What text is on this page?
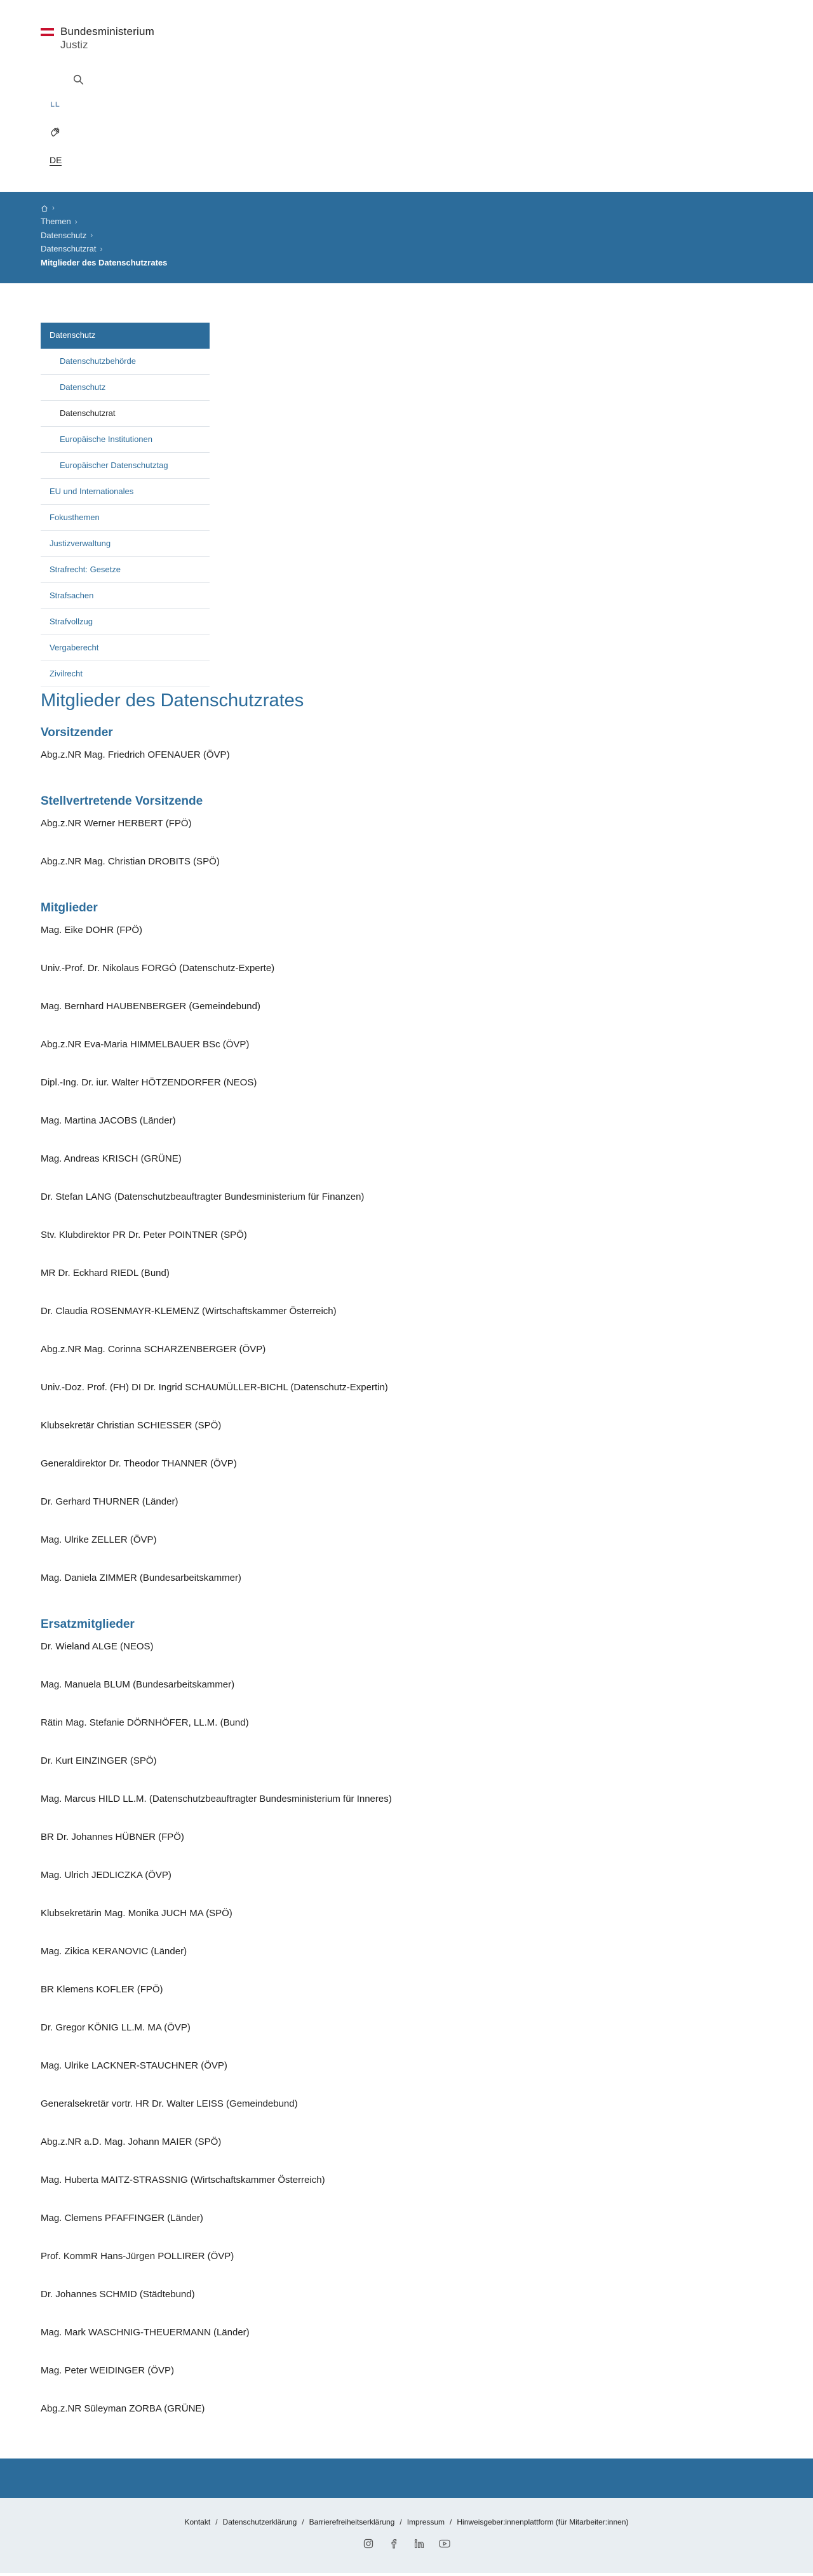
Bundesministerium
Justiz
LL
DE
›
Themen ›
Datenschutz ›
Datenschutzrat ›
Mitglieder des Datenschutzrates
Datenschutz
Datenschutzbehörde
Datenschutz
Datenschutzrat
Europäische Institutionen
Europäischer Datenschutztag
EU und Internationales
Fokusthemen
Justizverwaltung
Strafrecht: Gesetze
Strafsachen
Strafvollzug
Vergaberecht
Zivilrecht
Mitglieder des Datenschutzrates
Vorsitzender

Abg.z.NR Mag. Friedrich OFENAUER (ÖVP)

Stellvertretende Vorsitzende

Abg.z.NR Werner HERBERT (FPÖ)

Abg.z.NR Mag. Christian DROBITS (SPÖ)

Mitglieder

Mag. Eike DOHR (FPÖ)

Univ.-Prof. Dr. Nikolaus FORGÓ (Datenschutz-Experte)

Mag. Bernhard HAUBENBERGER (Gemeindebund)

Abg.z.NR Eva-Maria HIMMELBAUER BSc (ÖVP)

Dipl.-Ing. Dr. iur. Walter HÖTZENDORFER (NEOS)

Mag. Martina JACOBS (Länder)

Mag. Andreas KRISCH (GRÜNE)

Dr. Stefan LANG (Datenschutzbeauftragter Bundesministerium für Finanzen)

Stv. Klubdirektor PR Dr. Peter POINTNER (SPÖ)

MR Dr. Eckhard RIEDL (Bund)

Dr. Claudia ROSENMAYR-KLEMENZ (Wirtschaftskammer Österreich)

Abg.z.NR Mag. Corinna SCHARZENBERGER (ÖVP)

Univ.-Doz. Prof. (FH) DI Dr. Ingrid SCHAUMÜLLER-BICHL (Datenschutz-Expertin)

Klubsekretär Christian SCHIESSER (SPÖ)

Generaldirektor Dr. Theodor THANNER (ÖVP)

Dr. Gerhard THURNER (Länder)

Mag. Ulrike ZELLER (ÖVP)

Mag. Daniela ZIMMER (Bundesarbeitskammer)

Ersatzmitglieder

Dr. Wieland ALGE (NEOS)

Mag. Manuela BLUM (Bundesarbeitskammer)

Rätin Mag. Stefanie DÖRNHÖFER, LL.M. (Bund)

Dr. Kurt EINZINGER (SPÖ)

Mag. Marcus HILD LL.M. (Datenschutzbeauftragter Bundesministerium für Inneres)

BR Dr. Johannes HÜBNER (FPÖ)

Mag. Ulrich JEDLICZKA (ÖVP)

Klubsekretärin Mag. Monika JUCH MA (SPÖ)

Mag. Zikica KERANOVIC (Länder)

BR Klemens KOFLER (FPÖ)

Dr. Gregor KÖNIG LL.M. MA (ÖVP)

Mag. Ulrike LACKNER-STAUCHNER (ÖVP)

Generalsekretär vortr. HR Dr. Walter LEISS (Gemeindebund)

Abg.z.NR a.D. Mag. Johann MAIER (SPÖ)

Mag. Huberta MAITZ-STRASSNIG (Wirtschaftskammer Österreich)

Mag. Clemens PFAFFINGER (Länder)

Prof. KommR Hans-Jürgen POLLIRER (ÖVP)

Dr. Johannes SCHMID (Städtebund)

Mag. Mark WASCHNIG-THEUERMANN (Länder)

Mag. Peter WEIDINGER (ÖVP)

Abg.z.NR Süleyman ZORBA (GRÜNE)

Kontakt / Datenschutzerklärung / Barrierefreiheitserklärung / Impressum / Hinweisgeber:innenplattform (für Mitarbeiter:innen)
